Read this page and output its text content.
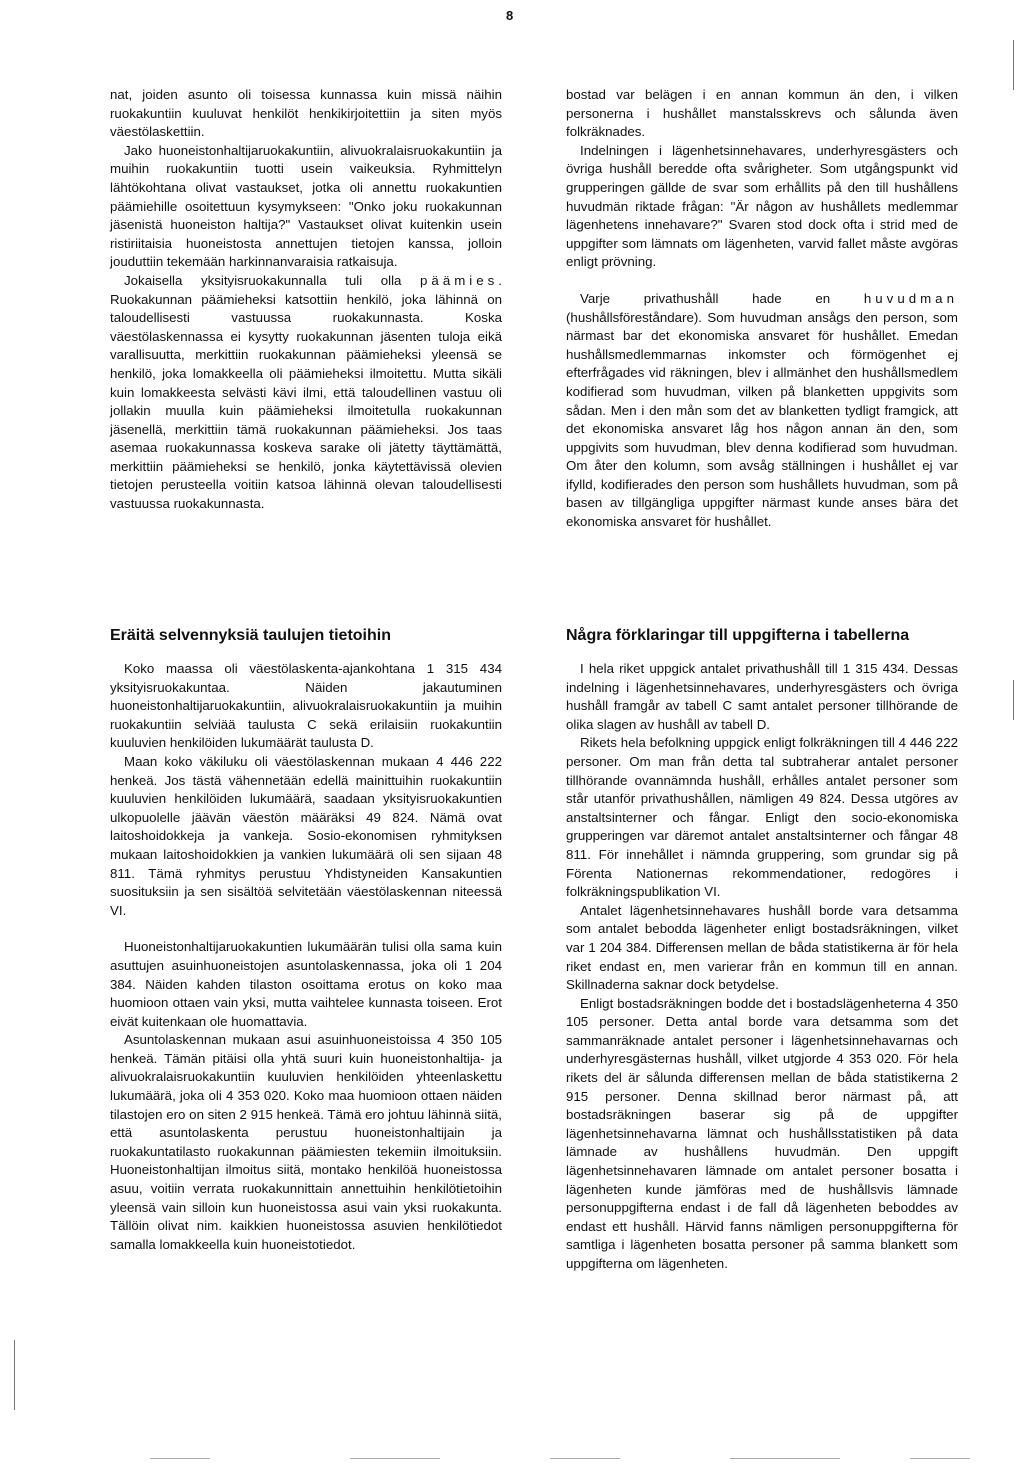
8

nat, joiden asunto oli toisessa kunnassa kuin missä näihin ruokakuntiin kuuluvat henkilöt henkikirjoitettiin ja siten myös väestölaskettiin.

Jako huoneistonhaltijaruokakuntiin, alivuokralaisruokakuntiin ja muihin ruokakuntiin tuotti usein vaikeuksia. Ryhmittelyn lähtökohtana olivat vastaukset, jotka oli annettu ruokakuntien päämiehille osoitettuun kysymykseen: "Onko joku ruokakunnan jäsenistä huoneiston haltija?" Vastaukset olivat kuitenkin usein ristiriitaisia huoneistosta annettujen tietojen kanssa, jolloin jouduttiin tekemään harkinnanvaraisia ratkaisuja.

Jokaisella yksityisruokakunnalla tuli olla päämies. Ruokakunnan päämieheksi katsottiin henkilö, joka lähinnä on taloudellisesti vastuussa ruokakunnasta. Koska väestölaskennassa ei kysytty ruokakunnan jäsenten tuloja eikä varallisuutta, merkittiin ruokakunnan päämieheksi yleensä se henkilö, joka lomakkeella oli päämieheksi ilmoitettu. Mutta sikäli kuin lomakkeesta selvästi kävi ilmi, että taloudellinen vastuu oli jollakin muulla kuin päämieheksi ilmoitetulla ruokakunnan jäsenellä, merkittiin tämä ruokakunnan päämieheksi. Jos taas asemaa ruokakunnassa koskeva sarake oli jätetty täyttämättä, merkittiin päämieheksi se henkilö, jonka käytettävissä olevien tietojen perusteella voitiin katsoa lähinnä olevan taloudellisesti vastuussa ruokakunnasta.

Eräitä selvennyksiä taulujen tietoihin

Koko maassa oli väestölaskenta-ajankohtana 1 315 434 yksityisruokakuntaa. Näiden jakautuminen huoneistonhaltijaruokakuntiin, alivuokralaisruokakuntiin ja muihin ruokakuntiin selviää taulusta C sekä erilaisiin ruokakuntiin kuuluvien henkilöiden lukumäärät taulusta D.

Maan koko väkiluku oli väestölaskennan mukaan 4 446 222 henkeä. Jos tästä vähennetään edellä mainittuihin ruokakuntiin kuuluvien henkilöiden lukumäärä, saadaan yksityisruokakuntien ulkopuolelle jäävän väestön määräksi 49 824. Nämä ovat laitoshoidokkeja ja vankeja. Sosio-ekonomisen ryhmityksen mukaan laitoshoidokkien ja vankien lukumäärä oli sen sijaan 48 811. Tämä ryhmitys perustuu Yhdistyneiden Kansakuntien suosituksiin ja sen sisältöä selvitetään väestölaskennan niteessä VI.

Huoneistonhaltijaruokakuntien lukumäärän tulisi olla sama kuin asuttujen asuinhuoneistojen asuntolaskennassa, joka oli 1 204 384. Näiden kahden tilaston osoittama erotus on koko maa huomioon ottaen vain yksi, mutta vaihtelee kunnasta toiseen. Erot eivät kuitenkaan ole huomattavia.

Asuntolaskennan mukaan asui asuinhuoneistoissa 4 350 105 henkeä. Tämän pitäisi olla yhtä suuri kuin huoneistonhaltija- ja alivuokralaisruokakuntiin kuuluvien henkilöiden yhteenlaskettu lukumäärä, joka oli 4 353 020. Koko maa huomioon ottaen näiden tilastojen ero on siten 2 915 henkeä. Tämä ero johtuu lähinnä siitä, että asuntolaskenta perustuu huoneistonhaltijain ja ruokakuntatilasto ruokakunnan päämiesten tekemiin ilmoituksiin. Huoneistonhaltijan ilmoitus siitä, montako henkilöä huoneistossa asuu, voitiin verrata ruokakunnittain annettuihin henkilötietoihin yleensä vain silloin kun huoneistossa asui vain yksi ruokakunta. Tällöin olivat nim. kaikkien huoneistossa asuvien henkilötiedot samalla lomakkeella kuin huoneistotiedot.

bostad var belägen i en annan kommun än den, i vilken personerna i hushållet manstalsskrevs och sålunda även folkräknades.

Indelningen i lägenhetsinnehavares, underhyresgästers och övriga hushåll beredde ofta svårigheter. Som utgångspunkt vid grupperingen gällde de svar som erhållits på den till hushållens huvudmän riktade frågan: "Är någon av hushållets medlemmar lägenhetens innehavare?" Svaren stod dock ofta i strid med de uppgifter som lämnats om lägenheten, varvid fallet måste avgöras enligt prövning.

Varje privathushåll hade en	huvudman (hushållsföreståndare). Som huvudman ansågs den person, som närmast bar det ekonomiska ansvaret för hushållet. Emedan hushållsmedlemmarnas inkomster och förmögenhet ej efterfrågades vid räkningen, blev i allmänhet den hushållsmedlem kodifierad som huvudman, vilken på blanketten uppgivits som sådan. Men i den mån som det av blanketten tydligt framgick, att det ekonomiska ansvaret låg hos någon annan än den, som uppgivits som huvudman, blev denna kodifierad som huvudman. Om åter den kolumn, som avsåg ställningen i hushållet ej var ifylld, kodifierades den person som hushållets huvudman, som på basen av tillgängliga uppgifter närmast kunde anses bära det ekonomiska ansvaret för hushållet.

Några förklaringar till uppgifterna i tabellerna

I hela riket uppgick antalet privathushåll till 1 315 434. Dessas indelning i lägenhetsinnehavares, underhyresgästers och övriga hushåll framgår av tabell C samt antalet personer tillhörande de olika slagen av hushåll av tabell D.

Rikets hela befolkning uppgick enligt folkräkningen till 4 446 222 personer. Om man från detta tal subtraherar antalet personer tillhörande ovannämnda hushåll, erhålles antalet personer som står utanför privathushållen, nämligen 49 824. Dessa utgöres av anstaltsinterner och fångar. Enligt den socio-ekonomiska grupperingen var däremot antalet anstaltsinterner och fångar 48 811. För innehållet i nämnda gruppering, som grundar sig på Förenta Nationernas rekommendationer, redogöres i folkräkningspublikation VI.

Antalet lägenhetsinnehavares hushåll borde vara detsamma som antalet bebodda lägenheter enligt bostadsräkningen, vilket var 1 204 384. Differensen mellan de båda statistikerna är för hela riket endast en, men varierar från en kommun till en annan. Skillnaderna saknar dock betydelse.

Enligt bostadsräkningen bodde det i bostadslägenheterna 4 350 105 personer. Detta antal borde vara detsamma som det sammanräknade antalet personer i lägenhetsinnehavarnas och underhyresgästernas hushåll, vilket utgjorde 4 353 020. För hela rikets del är sålunda differensen mellan de båda statistikerna 2 915 personer. Denna skillnad beror närmast på, att bostadsräkningen baserar sig på de uppgifter lägenhetsinnehavarna lämnat och hushållsstatistiken på data lämnade av hushållens huvudmän. Den uppgift lägenhetsinnehavaren lämnade om antalet personer bosatta i lägenheten kunde jämföras med de hushållsvis lämnade personuppgifterna endast i de fall då lägenheten beboddes av endast ett hushåll. Härvid fanns nämligen personuppgifterna för samtliga i lägenheten bosatta personer på samma blankett som uppgifterna om lägenheten.
